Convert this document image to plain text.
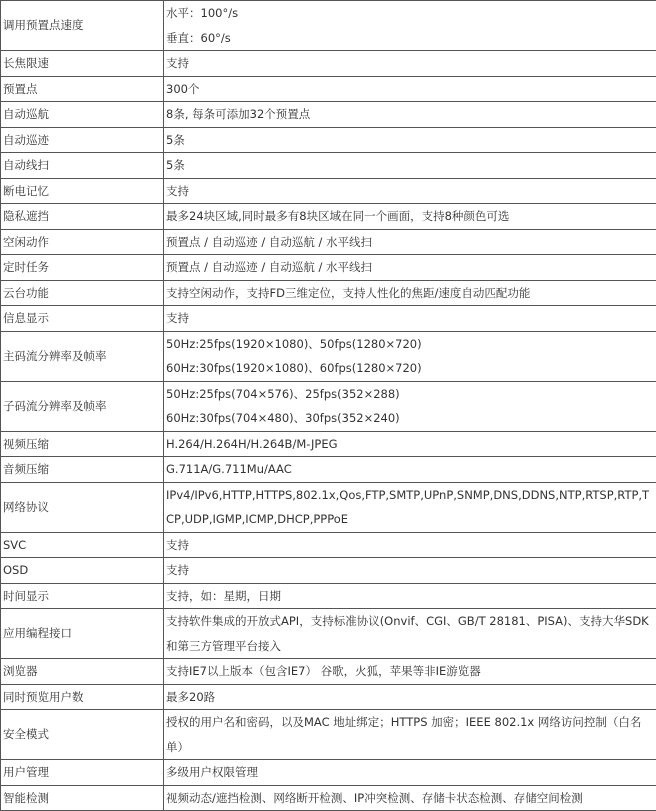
调用预置点速度	水平：100°/s
垂直：60°/s

长焦限速	支持

预置点	300个

自动巡航	8条, 每条可添加32个预置点

自动巡迹	5条

自动线扫	5条

断电记忆	支持

隐私遮挡	最多24块区域,同时最多有8块区域在同一个画面，支持8种颜色可选

空闲动作	预置点 / 自动巡迹 / 自动巡航 / 水平线扫

定时任务	预置点 / 自动巡迹 / 自动巡航 / 水平线扫

云台功能	支持空闲动作，支持FD三维定位，支持人性化的焦距/速度自动匹配功能

信息显示	支持

主码流分辨率及帧率	50Hz:25fps(1920×1080)、50fps(1280×720)
60Hz:30fps(1920×1080)、60fps(1280×720)

子码流分辨率及帧率	50Hz:25fps(704×576)、25fps(352×288)
60Hz:30fps(704×480)、30fps(352×240)

视频压缩	H.264/H.264H/H.264B/M-JPEG

音频压缩	G.711A/G.711Mu/AAC

网络协议	IPv4/IPv6,HTTP,HTTPS,802.1x,Qos,FTP,SMTP,UPnP,SNMP,DNS,DDNS,NTP,RTSP,RTP,TCP,UDP,IGMP,ICMP,DHCP,PPPoE

SVC	支持

OSD	支持

时间显示	支持，如：星期，日期

应用编程接口	支持软件集成的开放式API，支持标准协议(Onvif、CGI、GB/T 28181、PISA)、支持大华SDK 和第三方管理平台接入

浏览器	支持IE7以上版本（包含IE7） 谷歌，火狐，苹果等非IE游览器

同时预览用户数	最多20路

安全模式	授权的用户名和密码，以及MAC 地址绑定；HTTPS 加密；IEEE 802.1x 网络访问控制（白名单）

用户管理	多级用户权限管理

智能检测	视频动态/遮挡检测、网络断开检测、IP冲突检测、存储卡状态检测、存储空间检测
